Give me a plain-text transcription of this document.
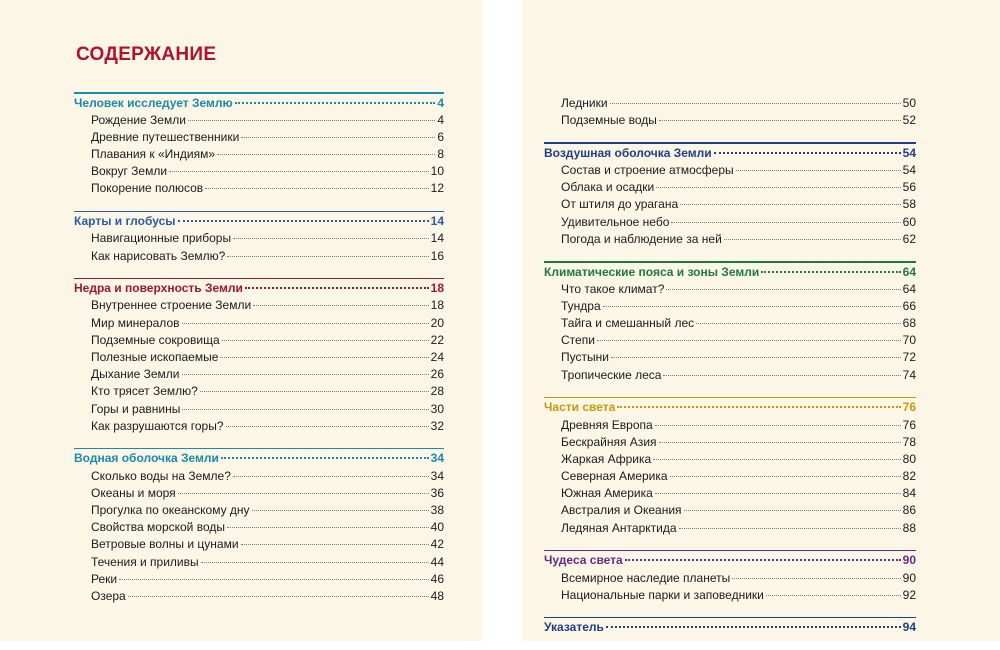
СОДЕРЖАНИЕ
Человек исследует Землю	4
Рождение Земли	4
Древние путешественники	6
Плавания к «Индиям»	8
Вокруг Земли	10
Покорение полюсов	12
Карты и глобусы	14
Навигационные приборы	14
Как нарисовать Землю?	16
Недра и поверхность Земли	18
Внутреннее строение Земли	18
Мир минералов	20
Подземные сокровища	22
Полезные ископаемые	24
Дыхание Земли	26
Кто трясет Землю?	28
Горы и равнины	30
Как разрушаются горы?	32
Водная оболочка Земли	34
Сколько воды на Земле?	34
Океаны и моря	36
Прогулка по океанскому дну	38
Свойства морской воды	40
Ветровые волны и цунами	42
Течения и приливы	44
Реки	46
Озера	48
Ледники	50
Подземные воды	52
Воздушная оболочка Земли	54
Состав и строение атмосферы	54
Облака и осадки	56
От штиля до урагана	58
Удивительное небо	60
Погода и наблюдение за ней	62
Климатические пояса и зоны Земли	64
Что такое климат?	64
Тундра	66
Тайга и смешанный лес	68
Степи	70
Пустыни	72
Тропические леса	74
Части света	76
Древняя Европа	76
Бескрайняя Азия	78
Жаркая Африка	80
Северная Америка	82
Южная Америка	84
Австралия и Океания	86
Ледяная Антарктида	88
Чудеса света	90
Всемирное наследие планеты	90
Национальные парки и заповедники	92
Указатель	94
